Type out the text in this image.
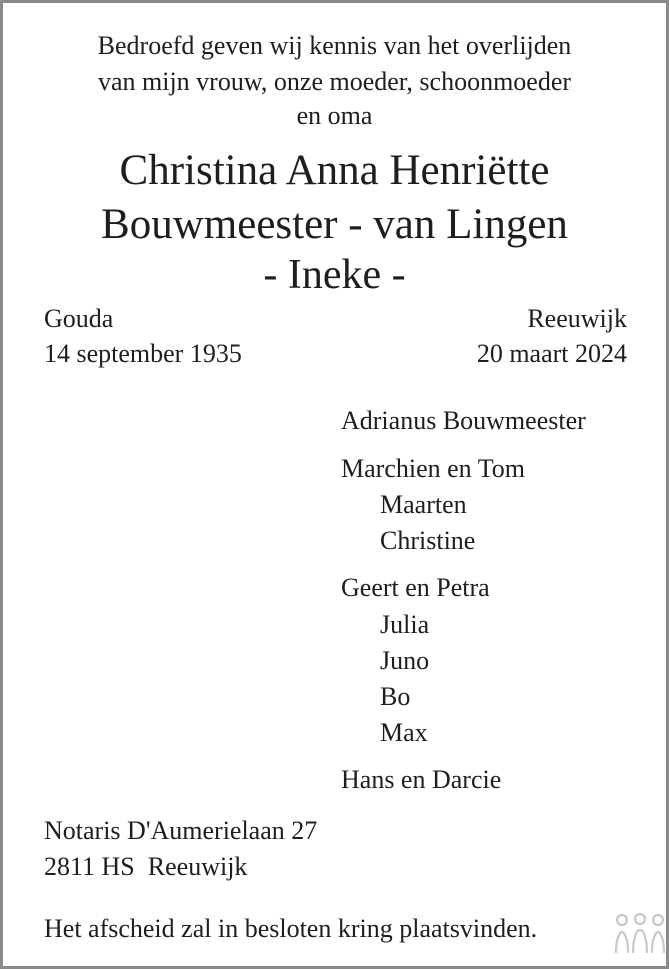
Bedroefd geven wij kennis van het overlijden
van mijn vrouw, onze moeder, schoonmoeder
en oma
Christina Anna Henriëtte
Bouwmeester - van Lingen
- Ineke -
Gouda
14 september 1935
Reeuwijk
20 maart 2024
Adrianus Bouwmeester
Marchien en Tom
Maarten
Christine
Geert en Petra
Julia
Juno
Bo
Max
Hans en Darcie
Notaris D'Aumerielaan 27
2811 HS  Reeuwijk
Het afscheid zal in besloten kring plaatsvinden.
